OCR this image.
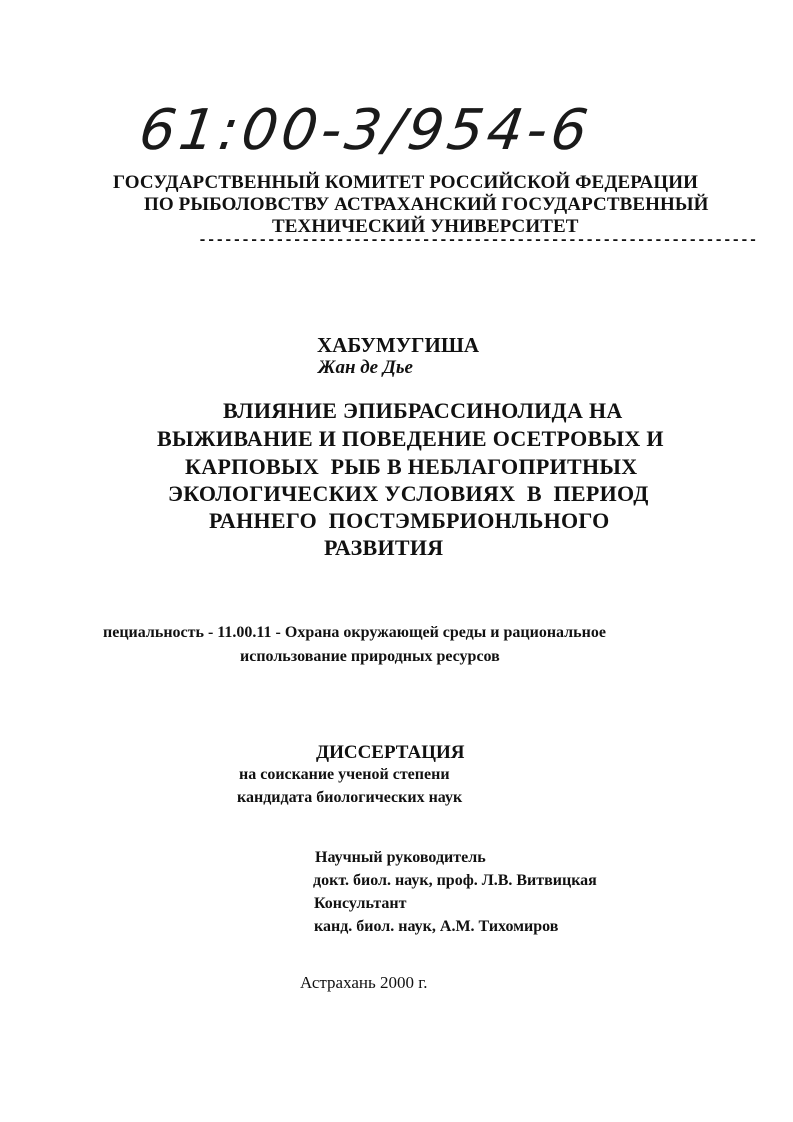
61:00-3/954-6
ГОСУДАРСТВЕННЫЙ КОМИТЕТ РОССИЙСКОЙ ФЕДЕРАЦИИ
ПО РЫБОЛОВСТВУ АСТРАХАНСКИЙ ГОСУДАРСТВЕННЫЙ
ТЕХНИЧЕСКИЙ УНИВЕРСИТЕТ
-----------------------------------------------------------------
ХАБУМУГИША
Жан де Дье
ВЛИЯНИЕ ЭПИБРАССИНОЛИДА НА
ВЫЖИВАНИЕ И ПОВЕДЕНИЕ ОСЕТРОВЫХ И
КАРПОВЫХ  РЫБ В НЕБЛАГОПРИТНЫХ
ЭКОЛОГИЧЕСКИХ УСЛОВИЯХ  В  ПЕРИОД
РАННЕГО  ПОСТЭМБРИОНЛЬНОГО
РАЗВИТИЯ
пециальность - 11.00.11 - Охрана окружающей среды и рациональное
использование природных ресурсов
ДИССЕРТАЦИЯ
на соискание ученой степени
кандидата биологических наук
Научный руководитель
докт. биол. наук, проф. Л.В. Витвицкая
Консультант
канд. биол. наук, А.М. Тихомиров
Астрахань 2000 г.
